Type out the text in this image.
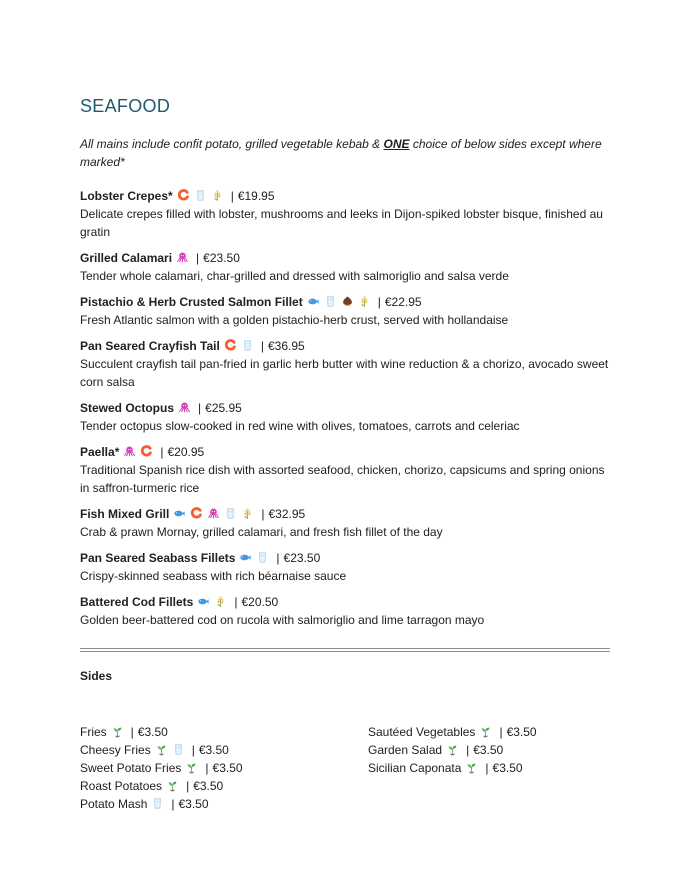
SEAFOOD

All mains include confit potato, grilled vegetable kebab & ONE choice of below sides except where marked*

Lobster Crepes*	| €19.95
Delicate crepes filled with lobster, mushrooms and leeks in Dijon-spiked lobster bisque, finished au gratin
Grilled Calamari | €23.50
Tender whole calamari, char-grilled and dressed with salmoriglio and salsa verde
Pistachio & Herb Crusted Salmon Fillet	| €22.95
Fresh Atlantic salmon with a golden pistachio-herb crust, served with hollandaise
Pan Seared Crayfish Tail	| €36.95
Succulent crayfish tail pan-fried in garlic herb butter with wine reduction & a chorizo, avocado sweet corn salsa
Stewed Octopus | €25.95
Tender octopus slow-cooked in red wine with olives, tomatoes, carrots and celeriac
Paella*	| €20.95
Traditional Spanish rice dish with assorted seafood, chicken, chorizo, capsicums and spring onions in saffron-turmeric rice
Fish Mixed Grill	| €32.95
Crab & prawn Mornay, grilled calamari, and fresh fish fillet of the day
Pan Seared Seabass Fillets	| €23.50
Crispy-skinned seabass with rich béarnaise sauce
Battered Cod Fillets	| €20.50
Golden beer-battered cod on rucola with salmoriglio and lime tarragon mayo
Sides
Fries | €3.50
Cheesy Fries	| €3.50
Sweet Potato Fries | €3.50
Roast Potatoes | €3.50
Potato Mash | €3.50
Sautéed Vegetables | €3.50
Garden Salad | €3.50
Sicilian Caponata | €3.50
